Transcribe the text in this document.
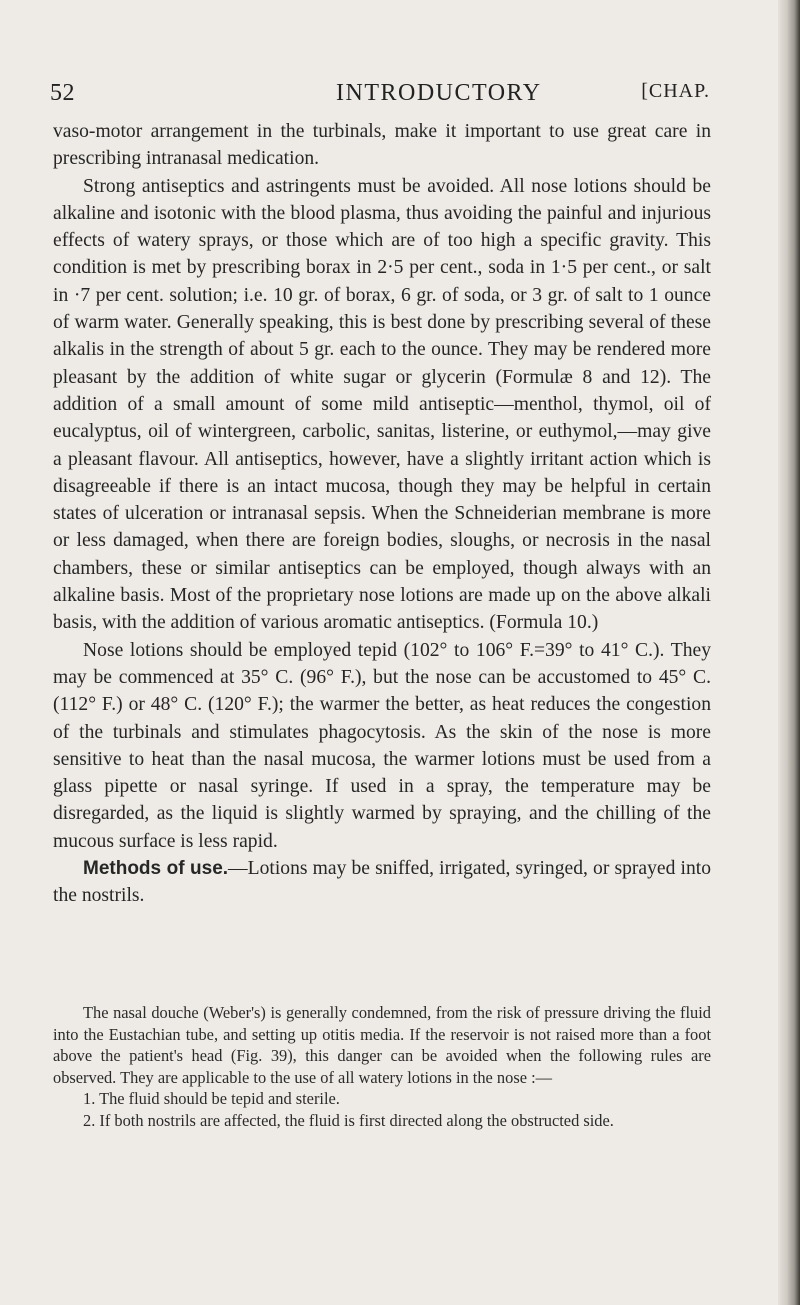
52	INTRODUCTORY	[CHAP.

vaso-motor arrangement in the turbinals, make it important to use great care in prescribing intranasal medication.

Strong antiseptics and astringents must be avoided. All nose lotions should be alkaline and isotonic with the blood plasma, thus avoiding the painful and injurious effects of watery sprays, or those which are of too high a specific gravity. This condition is met by prescribing borax in 2·5 per cent., soda in 1·5 per cent., or salt in ·7 per cent. solution; i.e. 10 gr. of borax, 6 gr. of soda, or 3 gr. of salt to 1 ounce of warm water. Generally speaking, this is best done by prescribing several of these alkalis in the strength of about 5 gr. each to the ounce. They may be rendered more pleasant by the addition of white sugar or glycerin (Formulæ 8 and 12). The addition of a small amount of some mild antiseptic—menthol, thymol, oil of eucalyptus, oil of wintergreen, carbolic, sanitas, listerine, or euthymol,—may give a pleasant flavour. All antiseptics, however, have a slightly irritant action which is disagreeable if there is an intact mucosa, though they may be helpful in certain states of ulceration or intranasal sepsis. When the Schneiderian membrane is more or less damaged, when there are foreign bodies, sloughs, or necrosis in the nasal chambers, these or similar antiseptics can be employed, though always with an alkaline basis. Most of the proprietary nose lotions are made up on the above alkali basis, with the addition of various aromatic antiseptics. (Formula 10.)

Nose lotions should be employed tepid (102° to 106° F.=39° to 41° C.). They may be commenced at 35° C. (96° F.), but the nose can be accustomed to 45° C. (112° F.) or 48° C. (120° F.); the warmer the better, as heat reduces the congestion of the turbinals and stimulates phagocytosis. As the skin of the nose is more sensitive to heat than the nasal mucosa, the warmer lotions must be used from a glass pipette or nasal syringe. If used in a spray, the temperature may be disregarded, as the liquid is slightly warmed by spraying, and the chilling of the mucous surface is less rapid.

Methods of use.—Lotions may be sniffed, irrigated, syringed, or sprayed into the nostrils.

The nasal douche (Weber's) is generally condemned, from the risk of pressure driving the fluid into the Eustachian tube, and setting up otitis media. If the reservoir is not raised more than a foot above the patient's head (Fig. 39), this danger can be avoided when the following rules are observed. They are applicable to the use of all watery lotions in the nose :—

1. The fluid should be tepid and sterile.

2. If both nostrils are affected, the fluid is first directed along the obstructed side.
